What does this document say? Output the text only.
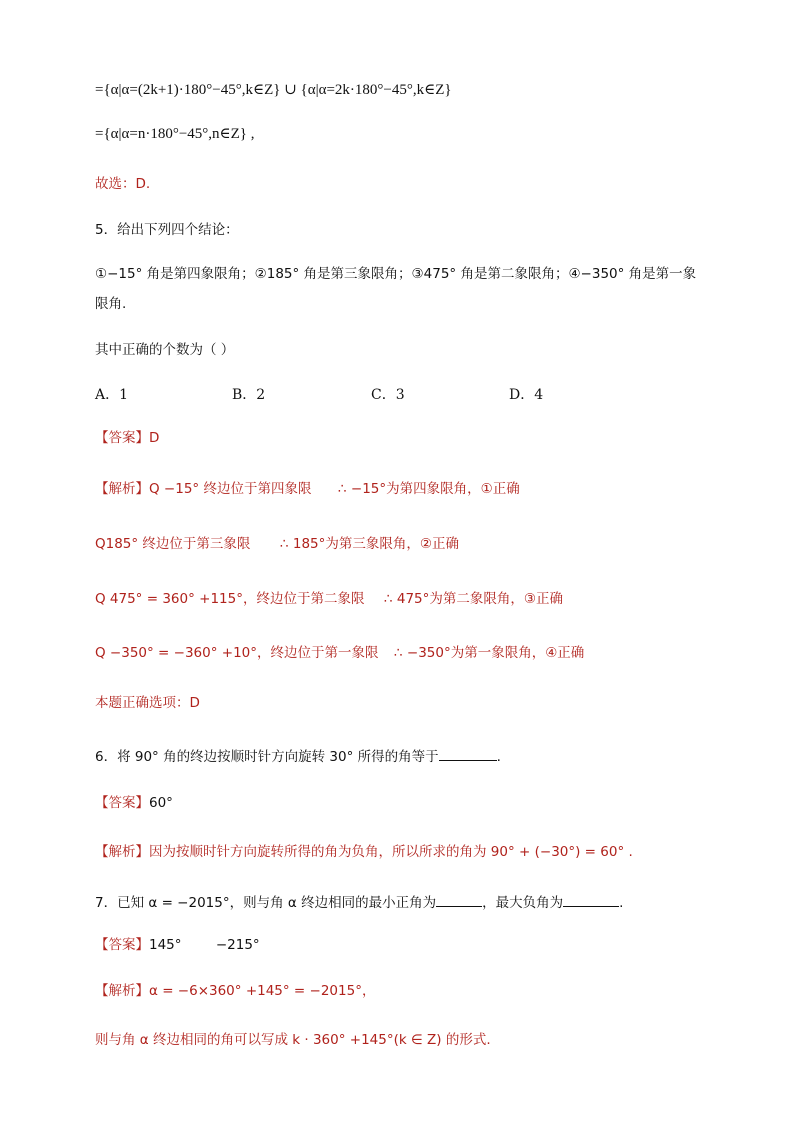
={α|α=(2k+1)·180°−45°,k∈Z} ∪ {α|α=2k·180°−45°,k∈Z}
={α|α=n·180°−45°,n∈Z} ,
故选：D.
5．给出下列四个结论：
①−15° 角是第四象限角；②185° 角是第三象限角；③475° 角是第二象限角；④−350° 角是第一象
限角.
其中正确的个数为（ ）
A．1	B．2	C．3	D．4
【答案】D
【解析】Q −15° 终边位于第四象限 ∴ −15°为第四象限角，①正确
Q185° 终边位于第三象限 ∴ 185°为第三象限角，②正确
Q 475° = 360° +115°，终边位于第二象限 ∴ 475°为第二象限角，③正确
Q −350° = −360° +10°，终边位于第一象限 ∴ −350°为第一象限角，④正确
本题正确选项：D
6．将 90° 角的终边按顺时针方向旋转 30° 所得的角等于	.
【答案】60°
【解析】因为按顺时针方向旋转所得的角为负角，所以所求的角为 90° + (−30°) = 60° .
7．已知 α = −2015°，则与角 α 终边相同的最小正角为	，最大负角为	.
【答案】145°        −215°
【解析】α = −6×360° +145° = −2015°，
则与角 α 终边相同的角可以写成 k · 360° +145°(k ∈ Z) 的形式.
